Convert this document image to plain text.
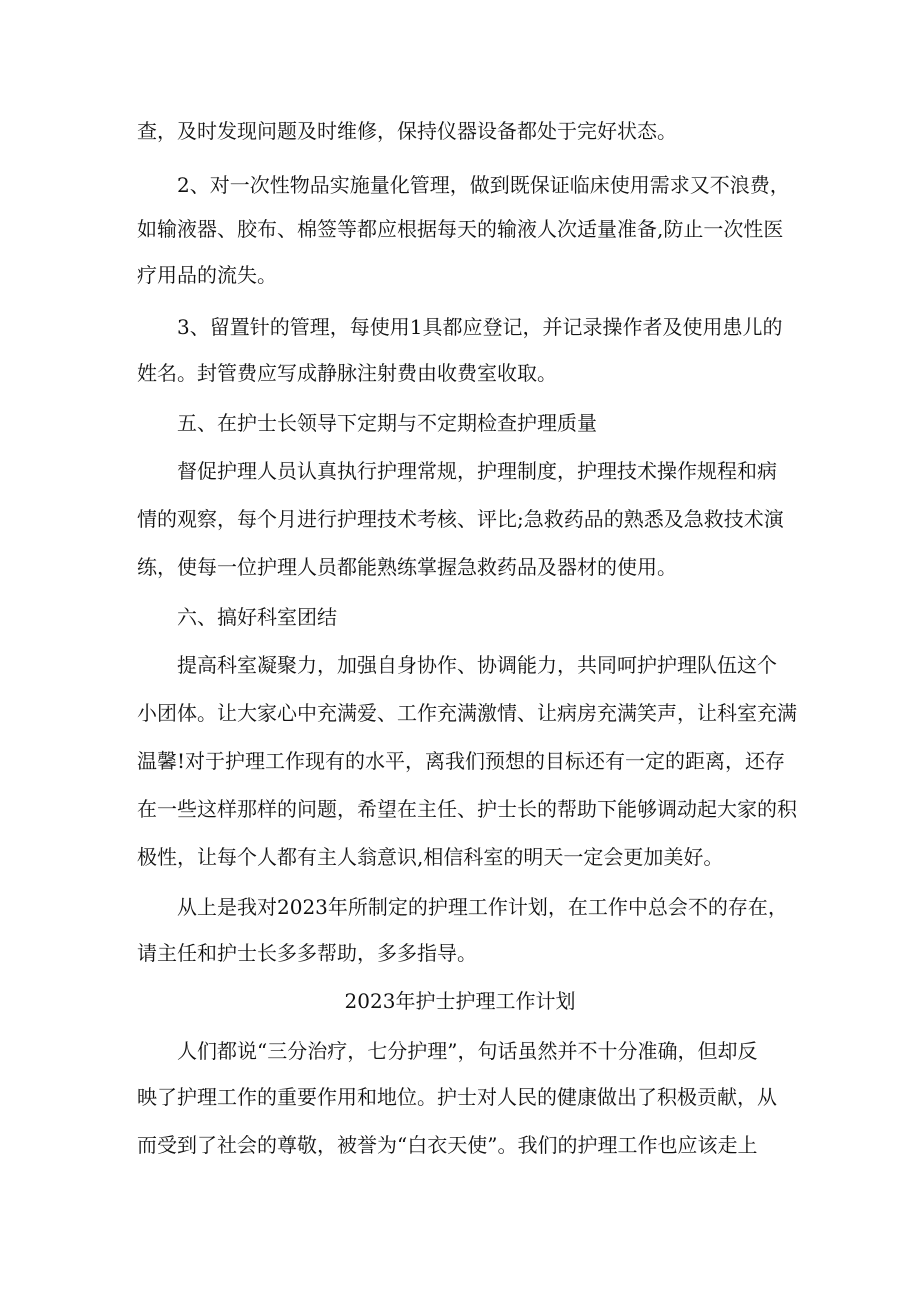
查，及时发现问题及时维修，保持仪器设备都处于完好状态。
2、对一次性物品实施量化管理，做到既保证临床使用需求又不浪费，
如输液器、胶布、棉签等都应根据每天的输液人次适量准备,防止一次性医
疗用品的流失。
3、留置针的管理，每使用1具都应登记，并记录操作者及使用患儿的
姓名。封管费应写成静脉注射费由收费室收取。
五、在护士长领导下定期与不定期检查护理质量
督促护理人员认真执行护理常规，护理制度，护理技术操作规程和病
情的观察，每个月进行护理技术考核、评比;急救药品的熟悉及急救技术演
练，使每一位护理人员都能熟练掌握急救药品及器材的使用。
六、搞好科室团结
提高科室凝聚力，加强自身协作、协调能力，共同呵护护理队伍这个
小团体。让大家心中充满爱、工作充满激情、让病房充满笑声，让科室充满
温馨!对于护理工作现有的水平，离我们预想的目标还有一定的距离，还存
在一些这样那样的问题，希望在主任、护士长的帮助下能够调动起大家的积
极性，让每个人都有主人翁意识,相信科室的明天一定会更加美好。
从上是我对2023年所制定的护理工作计划，在工作中总会不的存在，
请主任和护士长多多帮助，多多指导。
2023年护士护理工作计划
人们都说“三分治疗，七分护理”，句话虽然并不十分准确，但却反
映了护理工作的重要作用和地位。护士对人民的健康做出了积极贡献，从
而受到了社会的尊敬，被誉为“白衣天使”。我们的护理工作也应该走上
